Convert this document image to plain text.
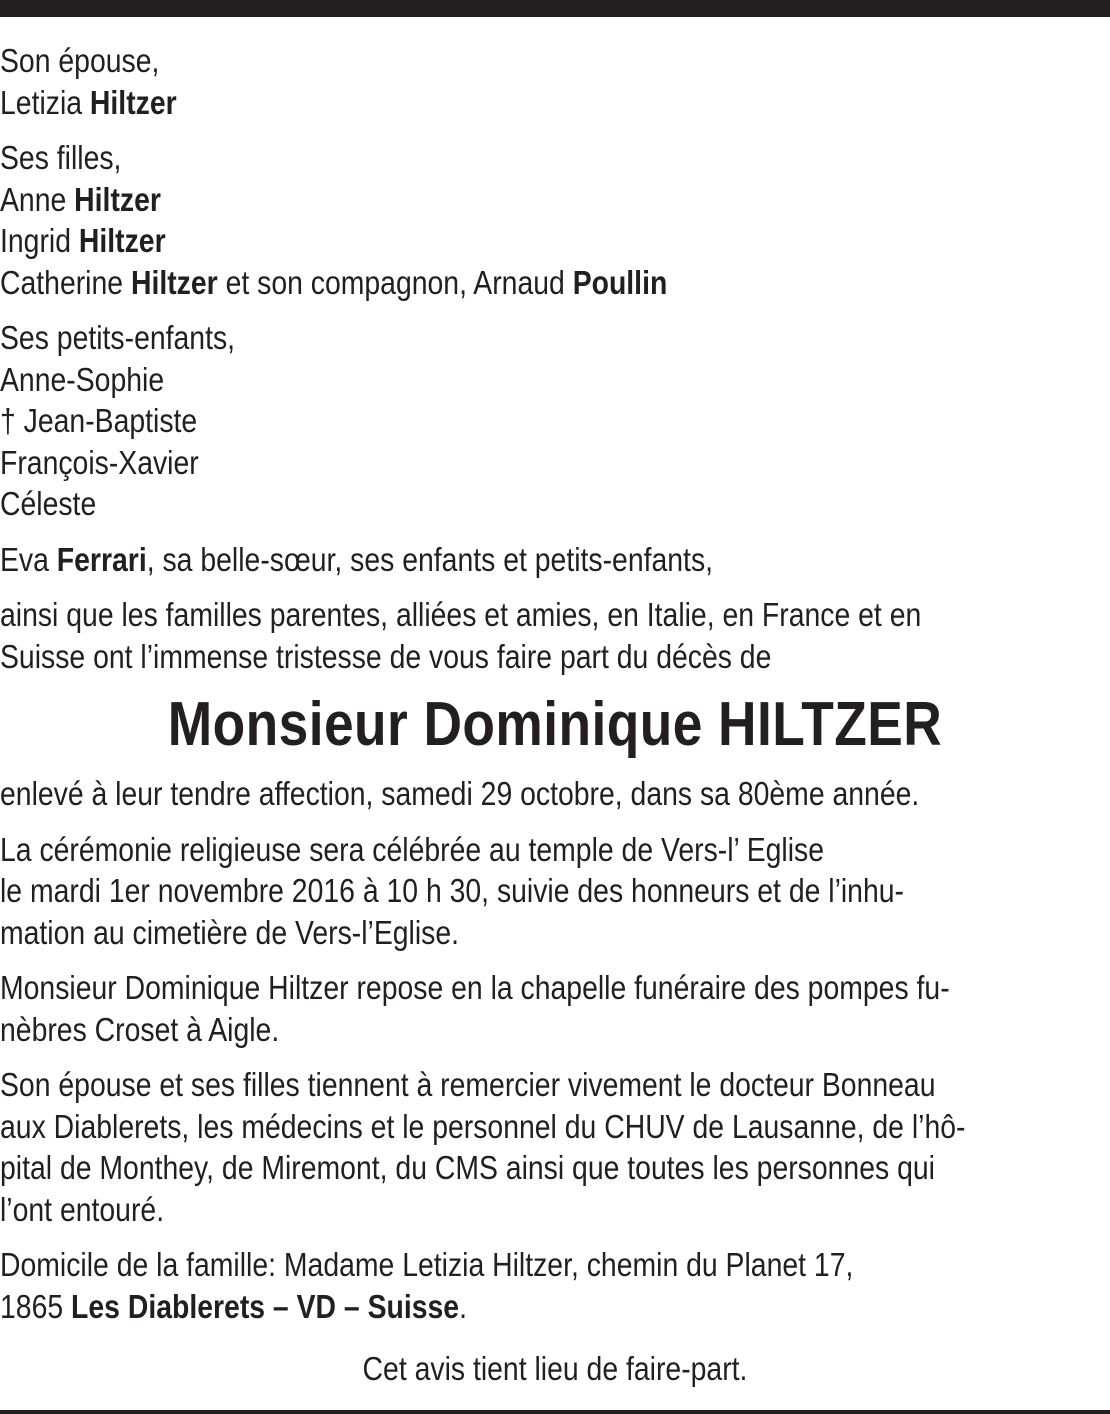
Son épouse,
Letizia Hiltzer
Ses filles,
Anne Hiltzer
Ingrid Hiltzer
Catherine Hiltzer et son compagnon, Arnaud Poullin
Ses petits-enfants,
Anne-Sophie
† Jean-Baptiste
François-Xavier
Céleste
Eva Ferrari, sa belle-sœur, ses enfants et petits-enfants,
ainsi que les familles parentes, alliées et amies, en Italie, en France et en
Suisse ont l’immense tristesse de vous faire part du décès de
Monsieur Dominique HILTZER
enlevé à leur tendre affection, samedi 29 octobre, dans sa 80ème année.
La cérémonie religieuse sera célébrée au temple de Vers-l’ Eglise
le mardi 1er novembre 2016 à 10 h 30, suivie des honneurs et de l’inhu-
mation au cimetière de Vers-l’Eglise.
Monsieur Dominique Hiltzer repose en la chapelle funéraire des pompes fu-
nèbres Croset à Aigle.
Son épouse et ses filles tiennent à remercier vivement le docteur Bonneau
aux Diablerets, les médecins et le personnel du CHUV de Lausanne, de l’hô-
pital de Monthey, de Miremont, du CMS ainsi que toutes les personnes qui
l’ont entouré.
Domicile de la famille: Madame Letizia Hiltzer, chemin du Planet 17,
1865 Les Diablerets – VD – Suisse.
Cet avis tient lieu de faire-part.
